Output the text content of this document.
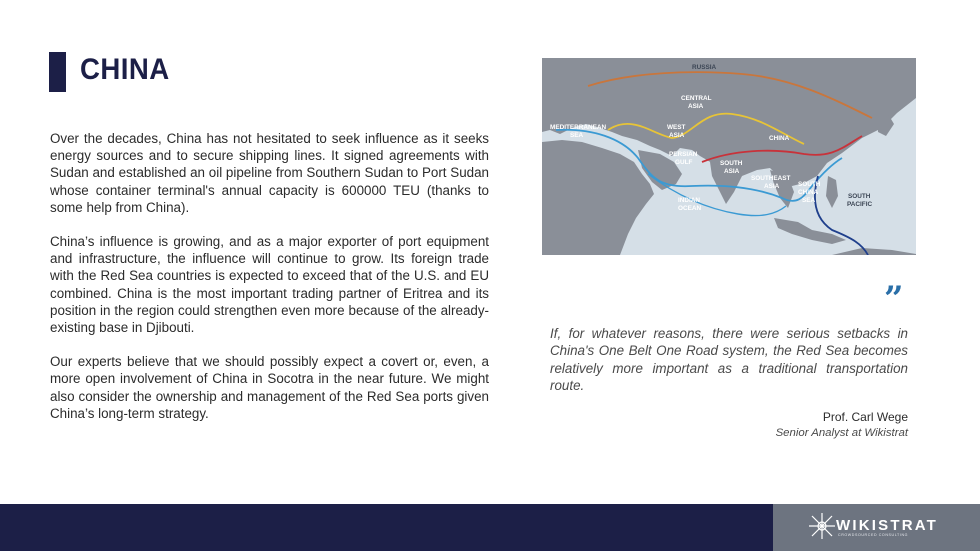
CHINA

Over the decades, China has not hesitated to seek influence as it seeks energy sources and to secure shipping lines. It signed agreements with Sudan and established an oil pipeline from Southern Sudan to Port Sudan whose container terminal's annual capacity is 600000 TEU (thanks to some help from China).

China’s influence is growing, and as a major exporter of port equipment and infrastructure, the influence will continue to grow. Its foreign trade with the Red Sea countries is expected to exceed that of the U.S. and EU combined. China is the most important trading partner of Eritrea and its position in the region could strengthen even more because of the already-existing base in Djibouti.

Our experts believe that we should possibly expect a covert or, even, a more open involvement of China in Socotra in the near future. We might also consider the ownership and management of the Red Sea ports given China’s long-term strategy.

RUSSIA
CENTRAL
ASIA
MEDITERRANEAN
SEA
WEST
ASIA	CHINA
PERSIAN
GULF	SOUTH
ASIA
SOUTHEAST
ASIA	SOUTH
CHINA
SEA
INDIAN
OCEAN
SOUTH
PACIFIC
”

If, for whatever reasons, there were serious setbacks in China's One Belt One Road system, the Red Sea becomes relatively more important as a traditional transportation route.

Prof. Carl Wege
Senior Analyst at Wikistrat
WIKISTRAT
CROWDSOURCED CONSULTING
